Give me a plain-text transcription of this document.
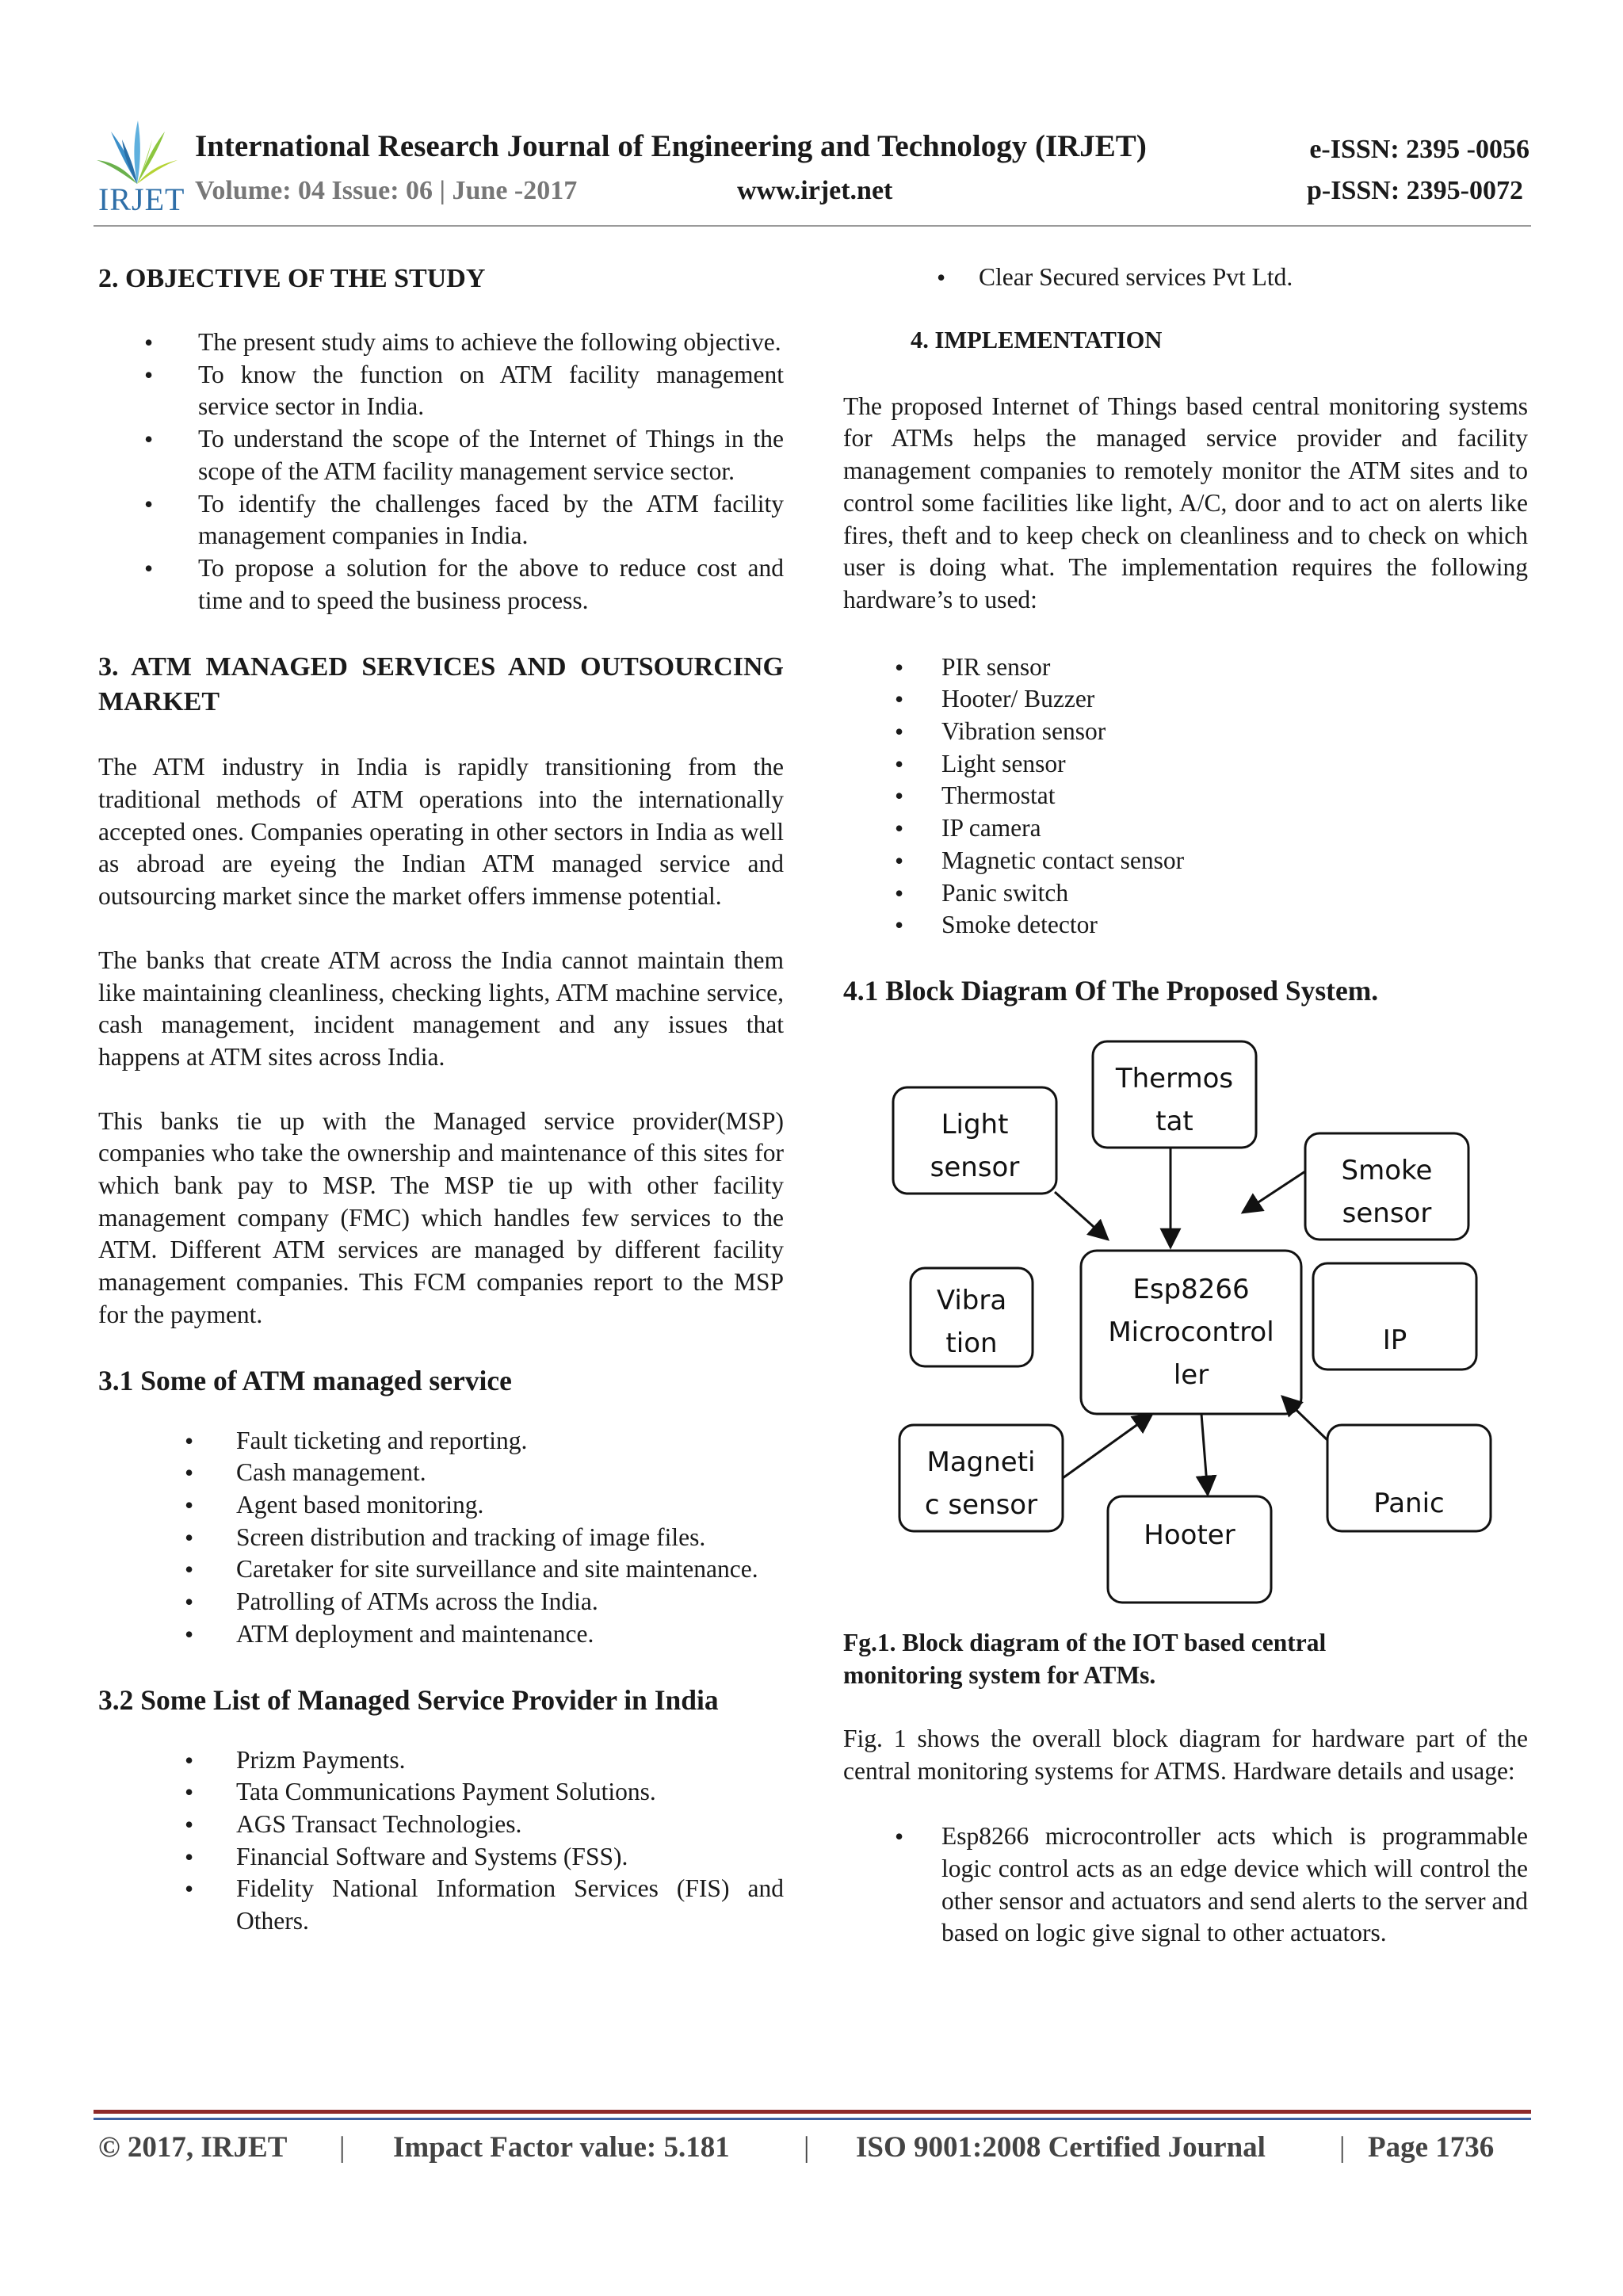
IRJET
International Research Journal of Engineering and Technology (IRJET)
Volume: 04 Issue: 06 | June -2017	www.irjet.net
e-ISSN: 2395 -0056
p-ISSN: 2395-0072
2. OBJECTIVE OF THE STUDY
• The present study aims to achieve the following objective.
• To know the function on ATM facility management service sector in India.
• To understand the scope of the Internet of Things in the scope of the ATM facility management service sector.
• To identify the challenges faced by the ATM facility management companies in India.
• To propose a solution for the above to reduce cost and time and to speed the business process.
3. ATM MANAGED SERVICES AND OUTSOURCING MARKET

The ATM industry in India is rapidly transitioning from the traditional methods of ATM operations into the internationally accepted ones. Companies operating in other sectors in India as well as abroad are eyeing the Indian ATM managed service and outsourcing market since the market offers immense potential.

The banks that create ATM across the India cannot maintain them like maintaining cleanliness, checking lights, ATM machine service, cash management, incident management and any issues that happens at ATM sites across India.

This banks tie up with the Managed service provider(MSP) companies who take the ownership and maintenance of this sites for which bank pay to MSP. The MSP tie up with other facility management company (FMC) which handles few services to the ATM. Different ATM services are managed by different facility management companies. This FCM companies report to the MSP for the payment.

3.1 Some of ATM managed service
• Fault ticketing and reporting.
• Cash management.
• Agent based monitoring.
• Screen distribution and tracking of image files.
• Caretaker for site surveillance and site maintenance.
• Patrolling of ATMs across the India.
• ATM deployment and maintenance.
3.2 Some List of Managed Service Provider in India
• Prizm Payments.
• Tata Communications Payment Solutions.
• AGS Transact Technologies.
• Financial Software and Systems (FSS).
• Fidelity National Information Services (FIS) and Others.
• Clear Secured services Pvt Ltd.
4. IMPLEMENTATION

The proposed Internet of Things based central monitoring systems for ATMs helps the managed service provider and facility management companies to remotely monitor the ATM sites and to control some facilities like light, A/C, door and to act on alerts like fires, theft and to keep check on cleanliness and to check on which user is doing what. The implementation requires the following hardware’s to used:

• PIR sensor
• Hooter/ Buzzer
• Vibration sensor
• Light sensor
• Thermostat
• IP camera
• Magnetic contact sensor
• Panic switch
• Smoke detector
4.1 Block Diagram Of The Proposed System.
Light
sensor
Thermos
tat
Smoke
sensor
Vibra
tion
Esp8266
Microcontrol
ler
IP
Magneti
c sensor
Hooter
Panic

Fg.1. Block diagram of the IOT based central

monitoring system for ATMs.

Fig. 1 shows the overall block diagram for hardware part of the central monitoring systems for ATMS. Hardware details and usage:

• Esp8266 microcontroller acts which is programmable logic control acts as an edge device which will control the other sensor and actuators and send alerts to the server and based on logic give signal to other actuators.
© 2017, IRJET | Impact Factor value: 5.181	| ISO 9001:2008 Certified Journal	| Page 1736
